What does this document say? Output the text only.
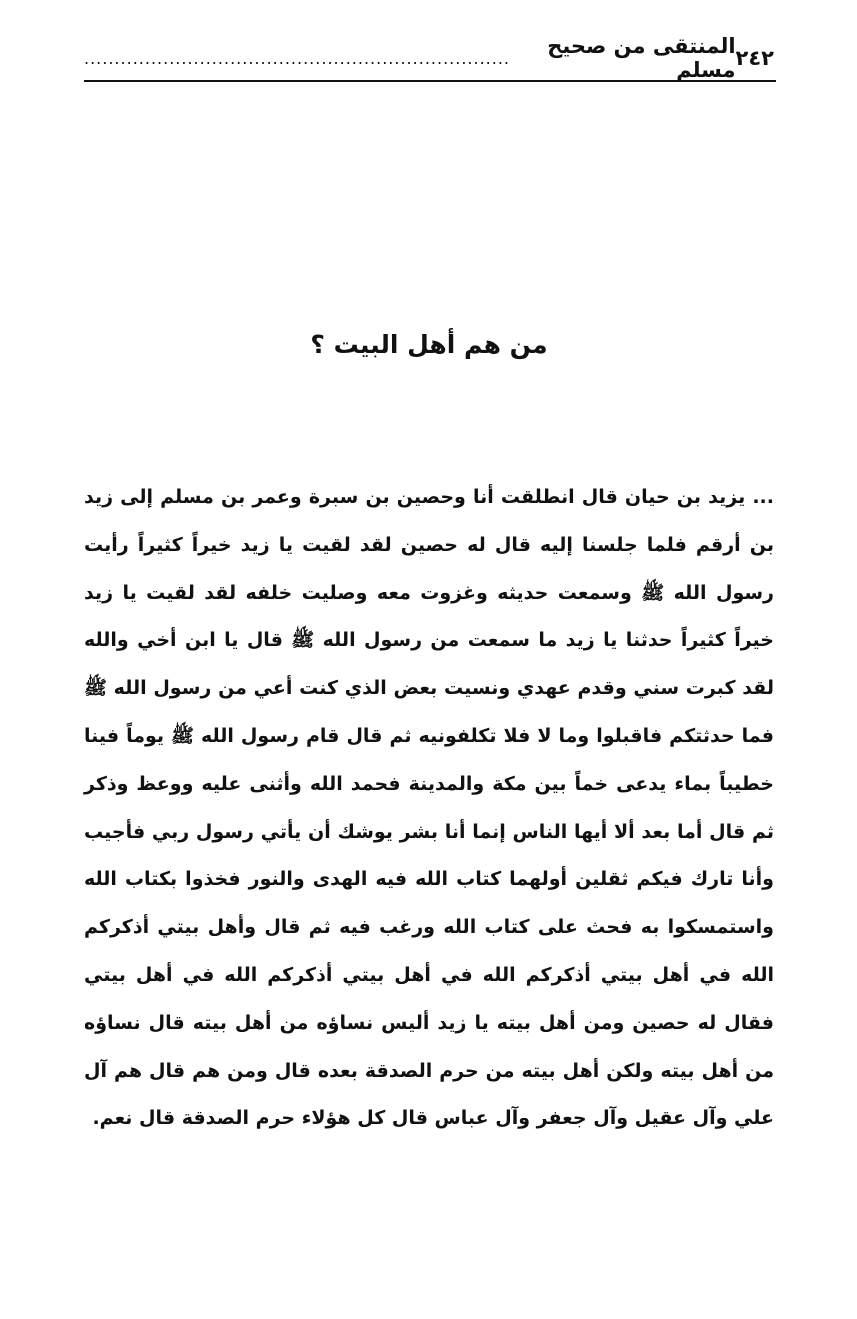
٢٤٢
المنتقى من صحيح مسلم
......................................................................
من هم أهل البيت ؟

... يزيد بن حيان قال انطلقت أنا وحصين بن سبرة وعمر بن مسلم إلى زيد بن أرقم فلما جلسنا إليه قال له حصين لقد لقيت يا زيد خيراً كثيراً رأيت رسول الله ﷺ وسمعت حديثه وغزوت معه وصليت خلفه لقد لقيت يا زيد خيراً كثيراً حدثنا يا زيد ما سمعت من رسول الله ﷺ قال يا ابن أخي والله لقد كبرت سني وقدم عهدي ونسيت بعض الذي كنت أعي من رسول الله ﷺ فما حدثتكم فاقبلوا وما لا فلا تكلفونيه ثم قال قام رسول الله ﷺ يوماً فينا خطيباً بماء يدعى خماً بين مكة والمدينة فحمد الله وأثنى عليه ووعظ وذكر ثم قال أما بعد ألا أيها الناس إنما أنا بشر يوشك أن يأتي رسول ربي فأجيب وأنا تارك فيكم ثقلين أولهما كتاب الله فيه الهدى والنور فخذوا بكتاب الله واستمسكوا به فحث على كتاب الله ورغب فيه ثم قال وأهل بيتي أذكركم الله في أهل بيتي أذكركم الله في أهل بيتي أذكركم الله في أهل بيتي فقال له حصين ومن أهل بيته يا زيد أليس نساؤه من أهل بيته قال نساؤه من أهل بيته ولكن أهل بيته من حرم الصدقة بعده قال ومن هم قال هم آل علي وآل عقيل وآل جعفر وآل عباس قال كل هؤلاء حرم الصدقة قال نعم.
